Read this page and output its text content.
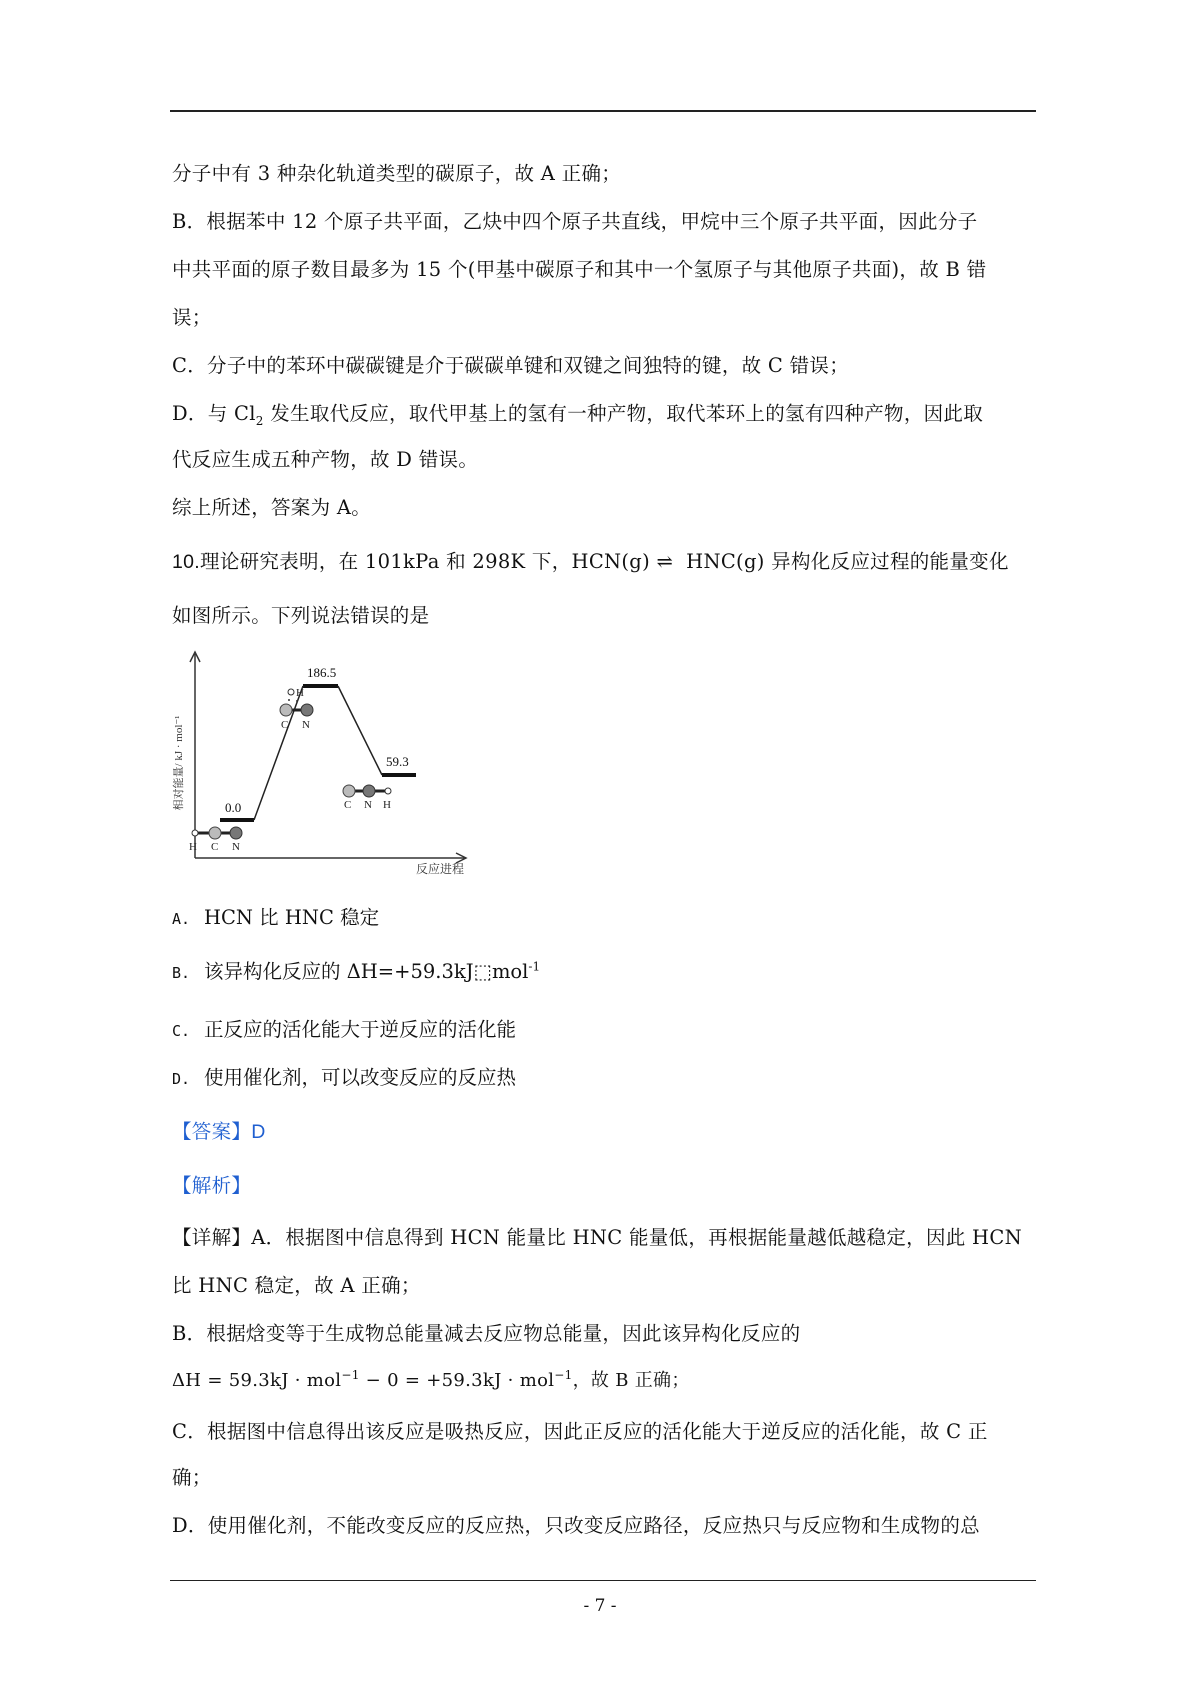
分子中有 3 种杂化轨道类型的碳原子，故 A 正确；
B．根据苯中 12 个原子共平面，乙炔中四个原子共直线，甲烷中三个原子共平面，因此分子
中共平面的原子数目最多为 15 个(甲基中碳原子和其中一个氢原子与其他原子共面)，故 B 错
误；
C．分子中的苯环中碳碳键是介于碳碳单键和双键之间独特的键，故 C 错误；
D．与 $Cl_2$ 发生取代反应，取代甲基上的氢有一种产物，取代苯环上的氢有四种产物，因此取
代反应生成五种产物，故 D 错误。
综上所述，答案为 A。
10.理论研究表明，在 101kPa 和 298K 下，HCN(g) ⇌ HNC(g) 异构化反应过程的能量变化
如图所示。下列说法错误的是
相对能量/ kJ · mol⁻¹
反应进程
0.0
186.5
59.3
H C N
H
C N
C N H
A. HCN 比 HNC 稳定
B. 该异构化反应的 ΔH=+59.3kJ⬚mol$^{-1}$
C. 正反应的活化能大于逆反应的活化能
D. 使用催化剂，可以改变反应的反应热
【答案】D
【解析】
【详解】A．根据图中信息得到 HCN 能量比 HNC 能量低，再根据能量越低越稳定，因此 HCN
比 HNC 稳定，故 A 正确；
B．根据焓变等于生成物总能量减去反应物总能量，因此该异构化反应的
ΔH = 59.3kJ · mol$^{-1}$ − 0 = +59.3kJ · mol$^{-1}$，故 B 正确；
C．根据图中信息得出该反应是吸热反应，因此正反应的活化能大于逆反应的活化能，故 C 正
确；
D．使用催化剂，不能改变反应的反应热，只改变反应路径，反应热只与反应物和生成物的总
- 7 -
